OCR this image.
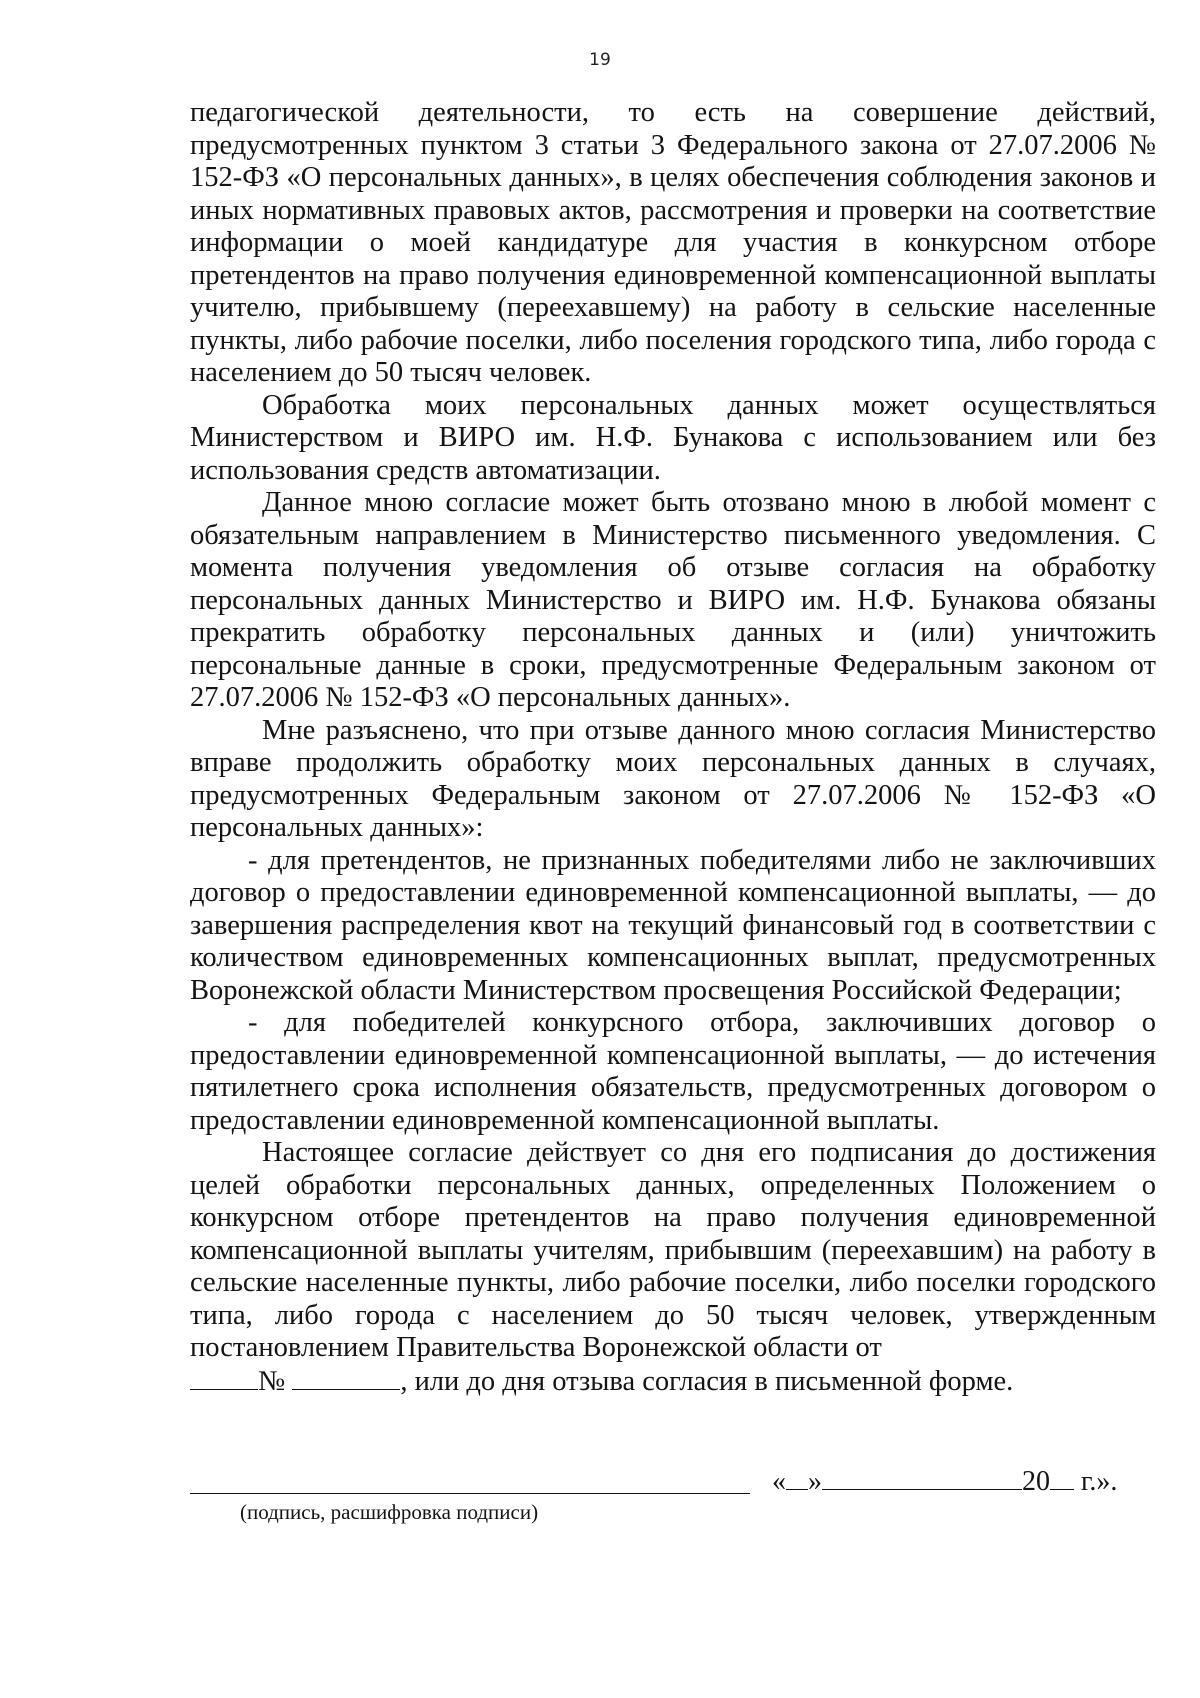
19

педагогической деятельности, то есть на совершение действий, предусмотренных пунктом 3 статьи 3 Федерального закона от 27.07.2006 № 152-ФЗ «О персональных данных», в целях обеспечения соблюдения законов и иных нормативных правовых актов, рассмотрения и проверки на соответствие информации о моей кандидатуре для участия в конкурсном отборе претендентов на право получения единовременной компенсационной выплаты учителю, прибывшему (переехавшему) на работу в сельские населенные пункты, либо рабочие поселки, либо поселения городского типа, либо города с населением до 50 тысяч человек.

Обработка моих персональных данных может осуществляться Министерством и ВИРО им. Н.Ф. Бунакова с использованием или без использования средств автоматизации.

Данное мною согласие может быть отозвано мною в любой момент с обязательным направлением в Министерство письменного уведомления. С момента получения уведомления об отзыве согласия на обработку персональных данных Министерство и ВИРО им. Н.Ф. Бунакова обязаны прекратить обработку персональных данных и (или) уничтожить персональные данные в сроки, предусмотренные Федеральным законом от 27.07.2006 № 152-ФЗ «О персональных данных».

Мне разъяснено, что при отзыве данного мною согласия Министерство вправе продолжить обработку моих персональных данных в случаях, предусмотренных Федеральным законом от 27.07.2006 № 152-ФЗ «О персональных данных»:

- для претендентов, не признанных победителями либо не заключивших договор о предоставлении единовременной компенсационной выплаты, — до завершения распределения квот на текущий финансовый год в соответствии с количеством единовременных компенсационных выплат, предусмотренных Воронежской области Министерством просвещения Российской Федерации;

- для победителей конкурсного отбора, заключивших договор о предоставлении единовременной компенсационной выплаты, — до истечения пятилетнего срока исполнения обязательств, предусмотренных договором о предоставлении единовременной компенсационной выплаты.

Настоящее согласие действует со дня его подписания до достижения целей обработки персональных данных, определенных Положением о конкурсном отборе претендентов на право получения единовременной компенсационной выплаты учителям, прибывшим (переехавшим) на работу в сельские населенные пункты, либо рабочие поселки, либо поселки городского типа, либо города с населением до 50 тысяч человек, утвержденным постановлением Правительства Воронежской области от

№	, или до дня отзыва согласия в письменной форме.

« »	20 г.».
(подпись, расшифровка подписи)
